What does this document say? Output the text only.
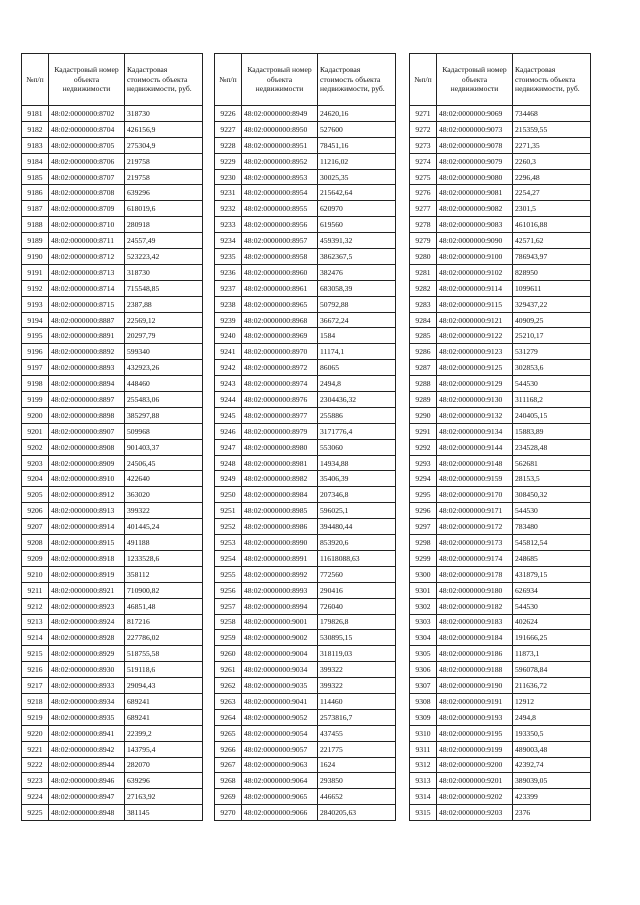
№п/п	Кадастровый номер объекта недвижимости	Кадастровая стоимость объекта недвижимости, руб.
9181	48:02:0000000:8702	318730
9182	48:02:0000000:8704	426156,9
9183	48:02:0000000:8705	275304,9
9184	48:02:0000000:8706	219758
9185	48:02:0000000:8707	219758
9186	48:02:0000000:8708	639296
9187	48:02:0000000:8709	618019,6
9188	48:02:0000000:8710	280918
9189	48:02:0000000:8711	24557,49
9190	48:02:0000000:8712	523223,42
9191	48:02:0000000:8713	318730
9192	48:02:0000000:8714	715548,85
9193	48:02:0000000:8715	2387,88
9194	48:02:0000000:8887	22569,12
9195	48:02:0000000:8891	20297,79
9196	48:02:0000000:8892	599340
9197	48:02:0000000:8893	432923,26
9198	48:02:0000000:8894	448460
9199	48:02:0000000:8897	255483,06
9200	48:02:0000000:8898	385297,88
9201	48:02:0000000:8907	509968
9202	48:02:0000000:8908	901403,37
9203	48:02:0000000:8909	24506,45
9204	48:02:0000000:8910	422640
9205	48:02:0000000:8912	363020
9206	48:02:0000000:8913	399322
9207	48:02:0000000:8914	401445,24
9208	48:02:0000000:8915	491188
9209	48:02:0000000:8918	1233528,6
9210	48:02:0000000:8919	358112
9211	48:02:0000000:8921	710900,82
9212	48:02:0000000:8923	46851,48
9213	48:02:0000000:8924	817216
9214	48:02:0000000:8928	227786,02
9215	48:02:0000000:8929	518755,58
9216	48:02:0000000:8930	519118,6
9217	48:02:0000000:8933	29094,43
9218	48:02:0000000:8934	689241
9219	48:02:0000000:8935	689241
9220	48:02:0000000:8941	22399,2
9221	48:02:0000000:8942	143795,4
9222	48:02:0000000:8944	282070
9223	48:02:0000000:8946	639296
9224	48:02:0000000:8947	27163,92
9225	48:02:0000000:8948	381145
№п/п	Кадастровый номер объекта недвижимости	Кадастровая стоимость объекта недвижимости, руб.
9226	48:02:0000000:8949	24620,16
9227	48:02:0000000:8950	527600
9228	48:02:0000000:8951	78451,16
9229	48:02:0000000:8952	11216,02
9230	48:02:0000000:8953	30025,35
9231	48:02:0000000:8954	215642,64
9232	48:02:0000000:8955	620970
9233	48:02:0000000:8956	619560
9234	48:02:0000000:8957	459391,32
9235	48:02:0000000:8958	3862367,5
9236	48:02:0000000:8960	382476
9237	48:02:0000000:8961	683058,39
9238	48:02:0000000:8965	50792,88
9239	48:02:0000000:8968	36672,24
9240	48:02:0000000:8969	1584
9241	48:02:0000000:8970	11174,1
9242	48:02:0000000:8972	86065
9243	48:02:0000000:8974	2494,8
9244	48:02:0000000:8976	2304436,32
9245	48:02:0000000:8977	255886
9246	48:02:0000000:8979	3171776,4
9247	48:02:0000000:8980	553060
9248	48:02:0000000:8981	14934,88
9249	48:02:0000000:8982	35406,39
9250	48:02:0000000:8984	207346,8
9251	48:02:0000000:8985	596025,1
9252	48:02:0000000:8986	394480,44
9253	48:02:0000000:8990	853920,6
9254	48:02:0000000:8991	11618088,63
9255	48:02:0000000:8992	772560
9256	48:02:0000000:8993	290416
9257	48:02:0000000:8994	726040
9258	48:02:0000000:9001	179826,8
9259	48:02:0000000:9002	530895,15
9260	48:02:0000000:9004	318119,03
9261	48:02:0000000:9034	399322
9262	48:02:0000000:9035	399322
9263	48:02:0000000:9041	114460
9264	48:02:0000000:9052	2573816,7
9265	48:02:0000000:9054	437455
9266	48:02:0000000:9057	221775
9267	48:02:0000000:9063	1624
9268	48:02:0000000:9064	293850
9269	48:02:0000000:9065	446652
9270	48:02:0000000:9066	2840205,63
№п/п	Кадастровый номер объекта недвижимости	Кадастровая стоимость объекта недвижимости, руб.
9271	48:02:0000000:9069	734468
9272	48:02:0000000:9073	215359,55
9273	48:02:0000000:9078	2271,35
9274	48:02:0000000:9079	2260,3
9275	48:02:0000000:9080	2296,48
9276	48:02:0000000:9081	2254,27
9277	48:02:0000000:9082	2301,5
9278	48:02:0000000:9083	461016,88
9279	48:02:0000000:9090	42571,62
9280	48:02:0000000:9100	786943,97
9281	48:02:0000000:9102	828950
9282	48:02:0000000:9114	1099611
9283	48:02:0000000:9115	329437,22
9284	48:02:0000000:9121	40909,25
9285	48:02:0000000:9122	25210,17
9286	48:02:0000000:9123	531279
9287	48:02:0000000:9125	302853,6
9288	48:02:0000000:9129	544530
9289	48:02:0000000:9130	311168,2
9290	48:02:0000000:9132	240405,15
9291	48:02:0000000:9134	15883,89
9292	48:02:0000000:9144	234528,48
9293	48:02:0000000:9148	562681
9294	48:02:0000000:9159	28153,5
9295	48:02:0000000:9170	308450,32
9296	48:02:0000000:9171	544530
9297	48:02:0000000:9172	783480
9298	48:02:0000000:9173	545812,54
9299	48:02:0000000:9174	248685
9300	48:02:0000000:9178	431879,15
9301	48:02:0000000:9180	626934
9302	48:02:0000000:9182	544530
9303	48:02:0000000:9183	402624
9304	48:02:0000000:9184	191666,25
9305	48:02:0000000:9186	11873,1
9306	48:02:0000000:9188	596078,84
9307	48:02:0000000:9190	211636,72
9308	48:02:0000000:9191	12912
9309	48:02:0000000:9193	2494,8
9310	48:02:0000000:9195	193350,5
9311	48:02:0000000:9199	489003,48
9312	48:02:0000000:9200	42392,74
9313	48:02:0000000:9201	389039,05
9314	48:02:0000000:9202	423399
9315	48:02:0000000:9203	2376
